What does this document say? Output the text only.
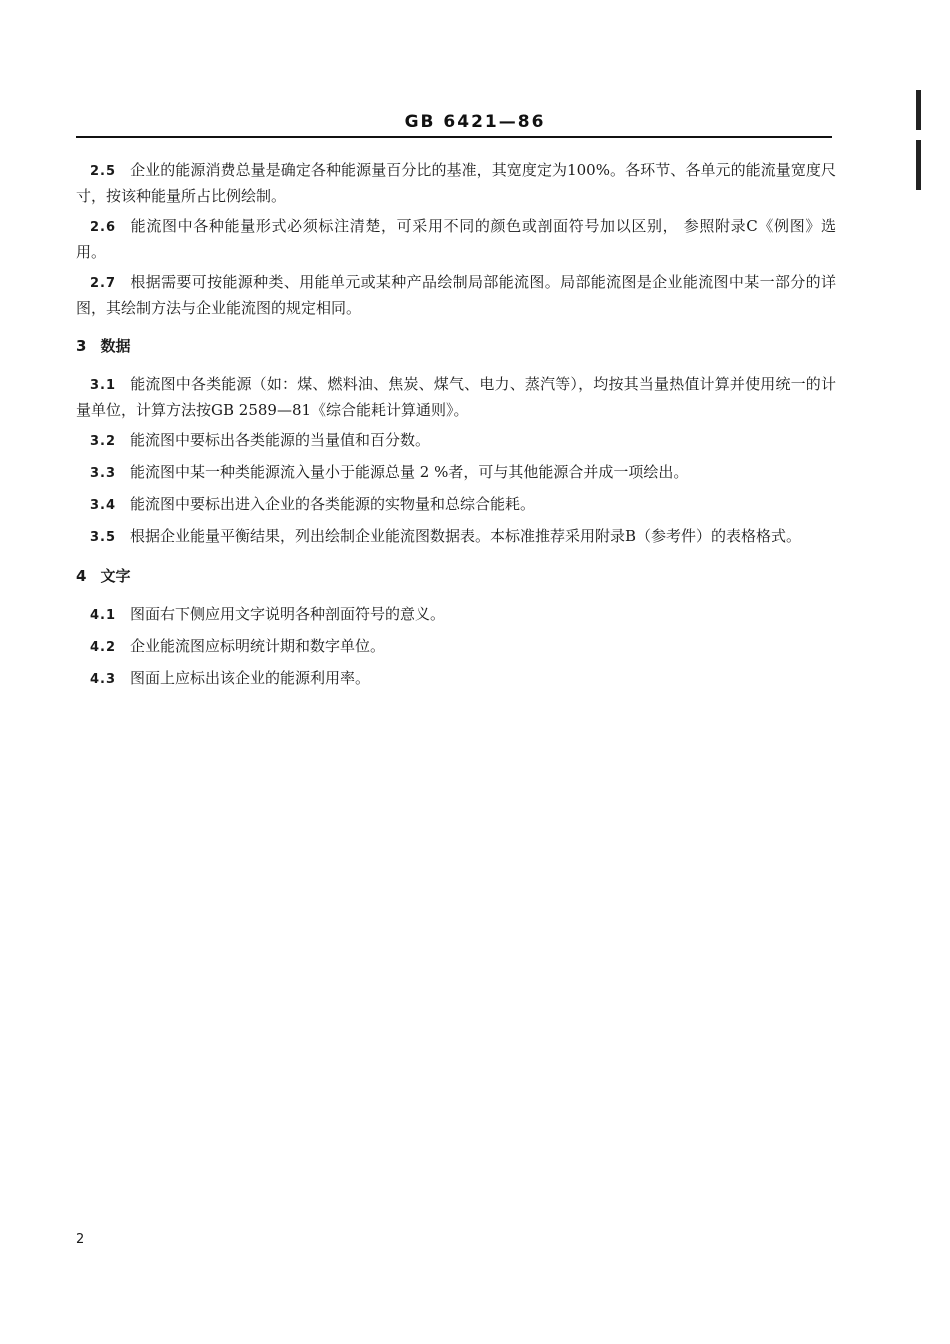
GB 6421—86

2.5 企业的能源消费总量是确定各种能源量百分比的基准，其宽度定为100%。各环节、各单元的能流量宽度尺寸，按该种能量所占比例绘制。

2.6 能流图中各种能量形式必须标注清楚，可采用不同的颜色或剖面符号加以区别， 参照附录C《例图》选用。

2.7 根据需要可按能源种类、用能单元或某种产品绘制局部能流图。局部能流图是企业能流图中某一部分的详图，其绘制方法与企业能流图的规定相同。

3 数据

3.1 能流图中各类能源（如：煤、燃料油、焦炭、煤气、电力、蒸汽等），均按其当量热值计算并使用统一的计量单位，计算方法按GB 2589—81《综合能耗计算通则》。

3.2 能流图中要标出各类能源的当量值和百分数。

3.3 能流图中某一种类能源流入量小于能源总量 2 %者，可与其他能源合并成一项绘出。

3.4 能流图中要标出进入企业的各类能源的实物量和总综合能耗。

3.5 根据企业能量平衡结果，列出绘制企业能流图数据表。本标准推荐采用附录B（参考件）的表格格式。

4 文字

4.1 图面右下侧应用文字说明各种剖面符号的意义。

4.2 企业能流图应标明统计期和数字单位。

4.3 图面上应标出该企业的能源利用率。

2
